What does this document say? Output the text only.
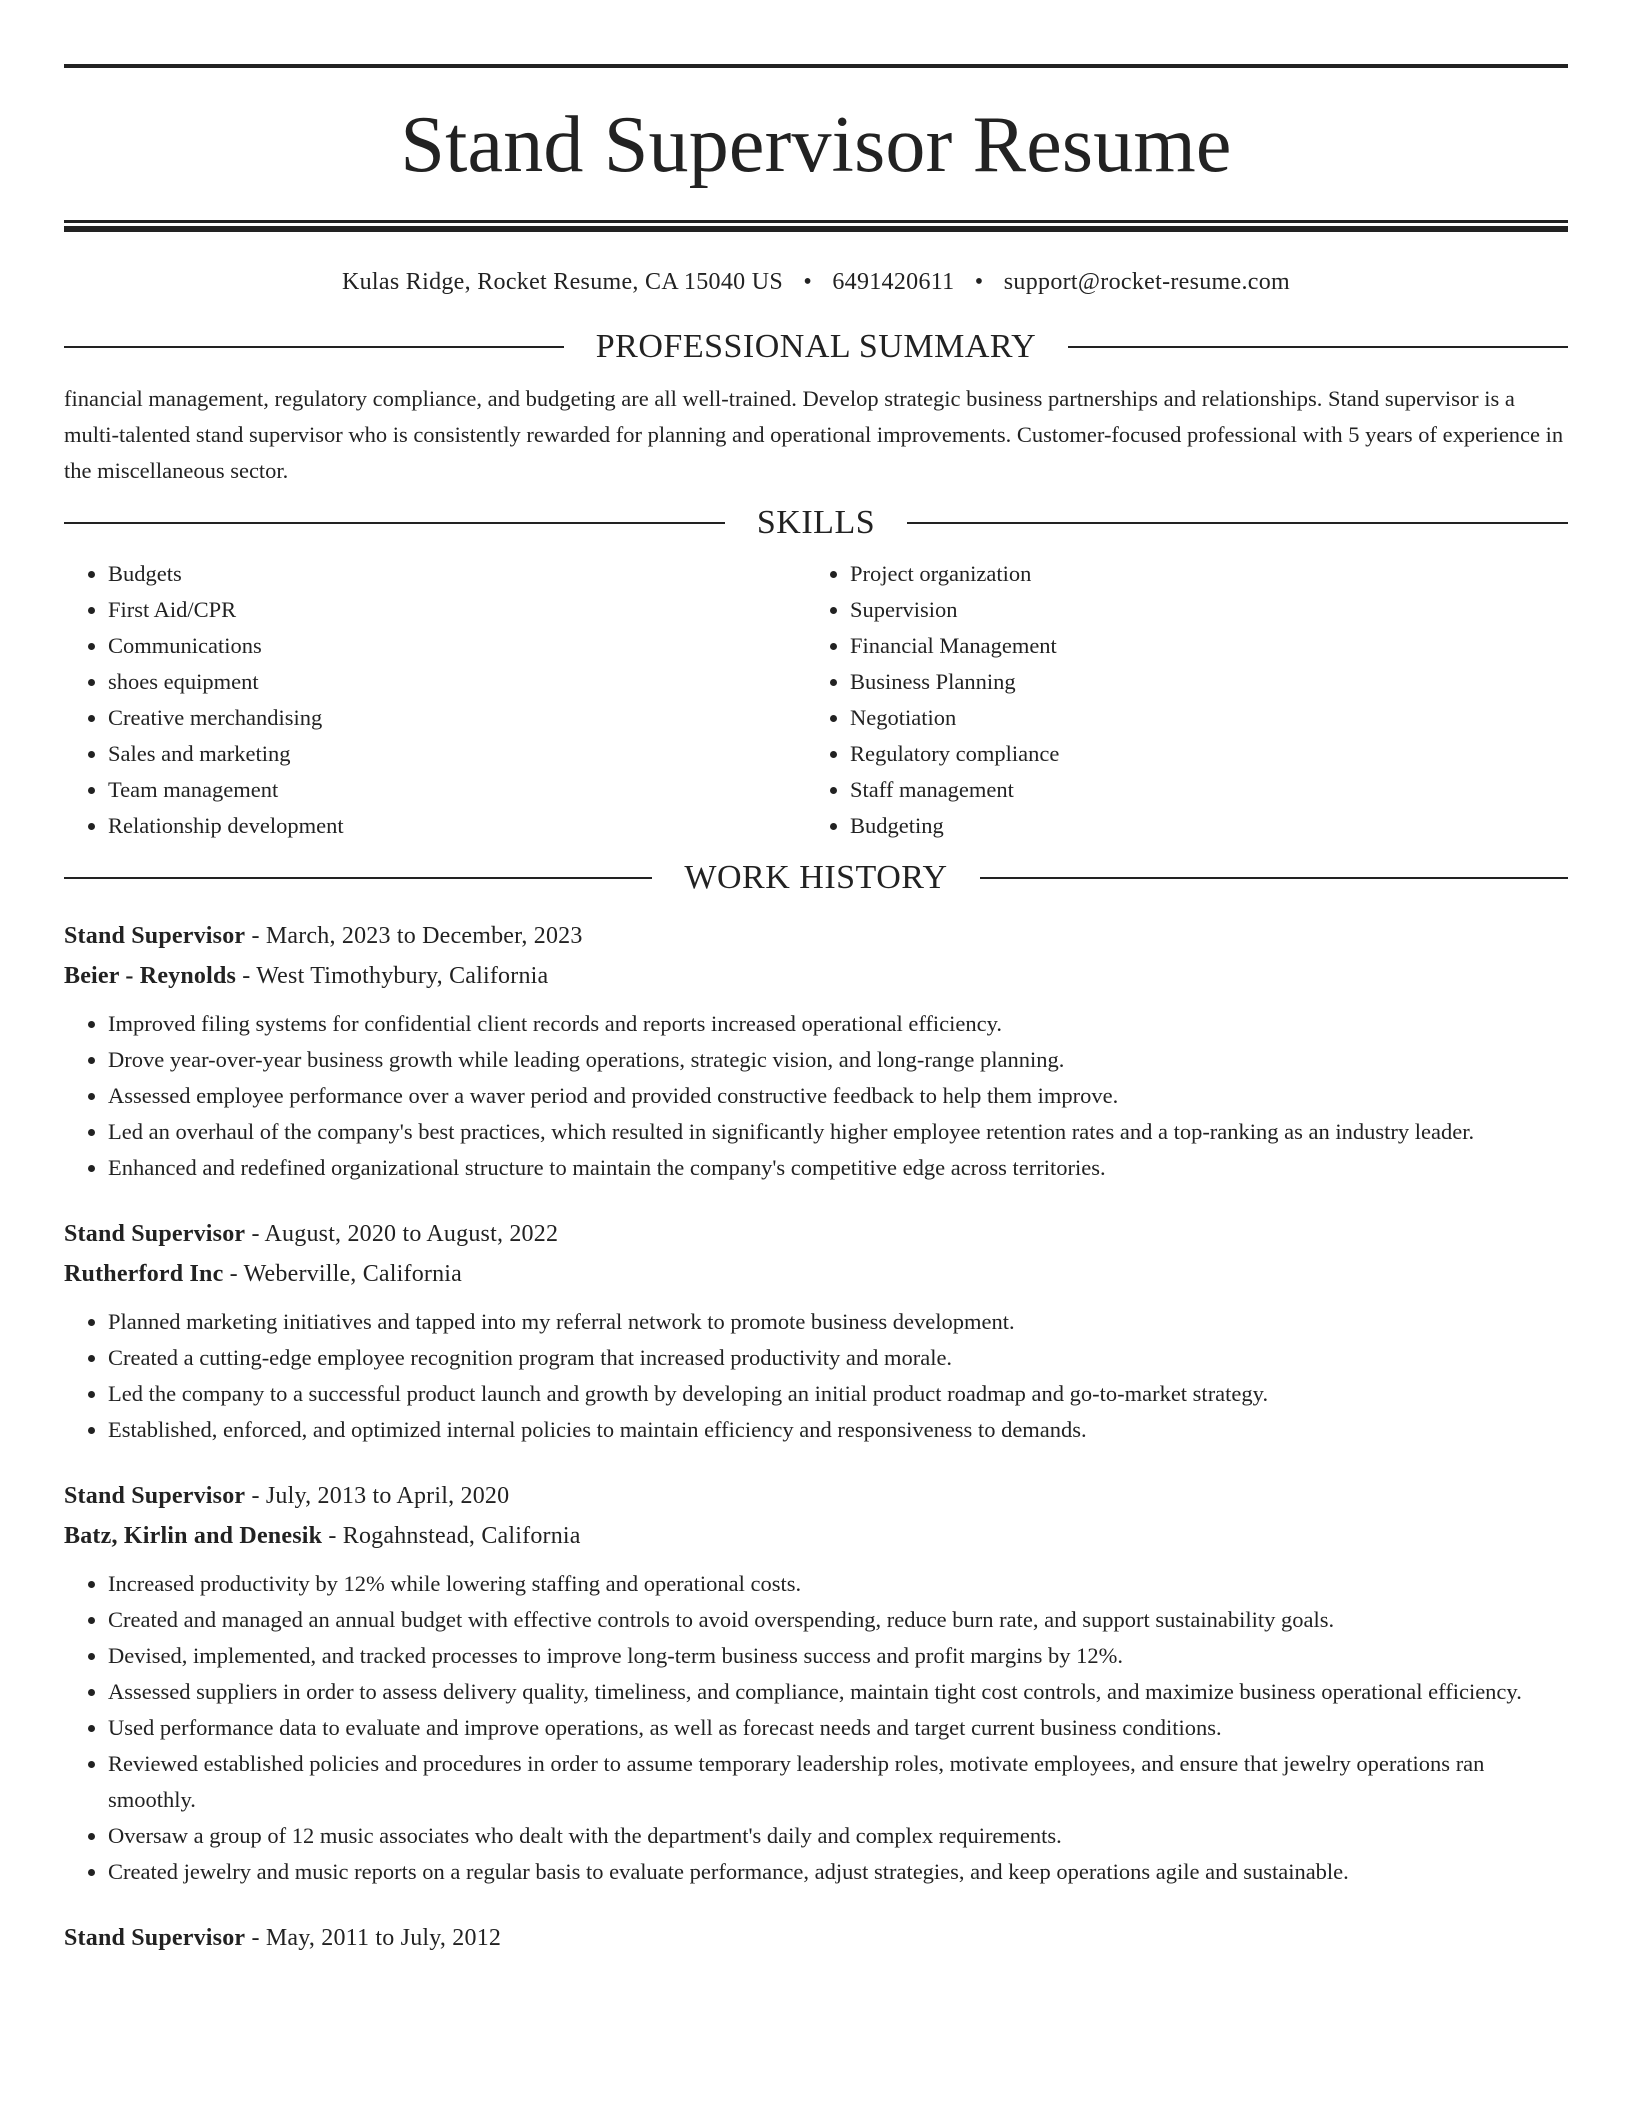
Stand Supervisor Resume
Kulas Ridge, Rocket Resume, CA 15040 US • 6491420611 • support@rocket-resume.com
PROFESSIONAL SUMMARY

financial management, regulatory compliance, and budgeting are all well-trained. Develop strategic business partnerships and relationships. Stand supervisor is a multi-talented stand supervisor who is consistently rewarded for planning and operational improvements. Customer-focused professional with 5 years of experience in the miscellaneous sector.

SKILLS
• Budgets
• First Aid/CPR
• Communications
• shoes equipment
• Creative merchandising
• Sales and marketing
• Team management
• Relationship development
• Project organization
• Supervision
• Financial Management
• Business Planning
• Negotiation
• Regulatory compliance
• Staff management
• Budgeting
WORK HISTORY
Stand Supervisor - March, 2023 to December, 2023
Beier - Reynolds - West Timothybury, California
• Improved filing systems for confidential client records and reports increased operational efficiency.
• Drove year-over-year business growth while leading operations, strategic vision, and long-range planning.
• Assessed employee performance over a waver period and provided constructive feedback to help them improve.
• Led an overhaul of the company's best practices, which resulted in significantly higher employee retention rates and a top-ranking as an industry leader.
• Enhanced and redefined organizational structure to maintain the company's competitive edge across territories.
Stand Supervisor - August, 2020 to August, 2022
Rutherford Inc - Weberville, California
• Planned marketing initiatives and tapped into my referral network to promote business development.
• Created a cutting-edge employee recognition program that increased productivity and morale.
• Led the company to a successful product launch and growth by developing an initial product roadmap and go-to-market strategy.
• Established, enforced, and optimized internal policies to maintain efficiency and responsiveness to demands.
Stand Supervisor - July, 2013 to April, 2020
Batz, Kirlin and Denesik - Rogahnstead, California
• Increased productivity by 12% while lowering staffing and operational costs.
• Created and managed an annual budget with effective controls to avoid overspending, reduce burn rate, and support sustainability goals.
• Devised, implemented, and tracked processes to improve long-term business success and profit margins by 12%.
• Assessed suppliers in order to assess delivery quality, timeliness, and compliance, maintain tight cost controls, and maximize business operational efficiency.
• Used performance data to evaluate and improve operations, as well as forecast needs and target current business conditions.
• Reviewed established policies and procedures in order to assume temporary leadership roles, motivate employees, and ensure that jewelry operations ran smoothly.
• Oversaw a group of 12 music associates who dealt with the department's daily and complex requirements.
• Created jewelry and music reports on a regular basis to evaluate performance, adjust strategies, and keep operations agile and sustainable.
Stand Supervisor - May, 2011 to July, 2012
